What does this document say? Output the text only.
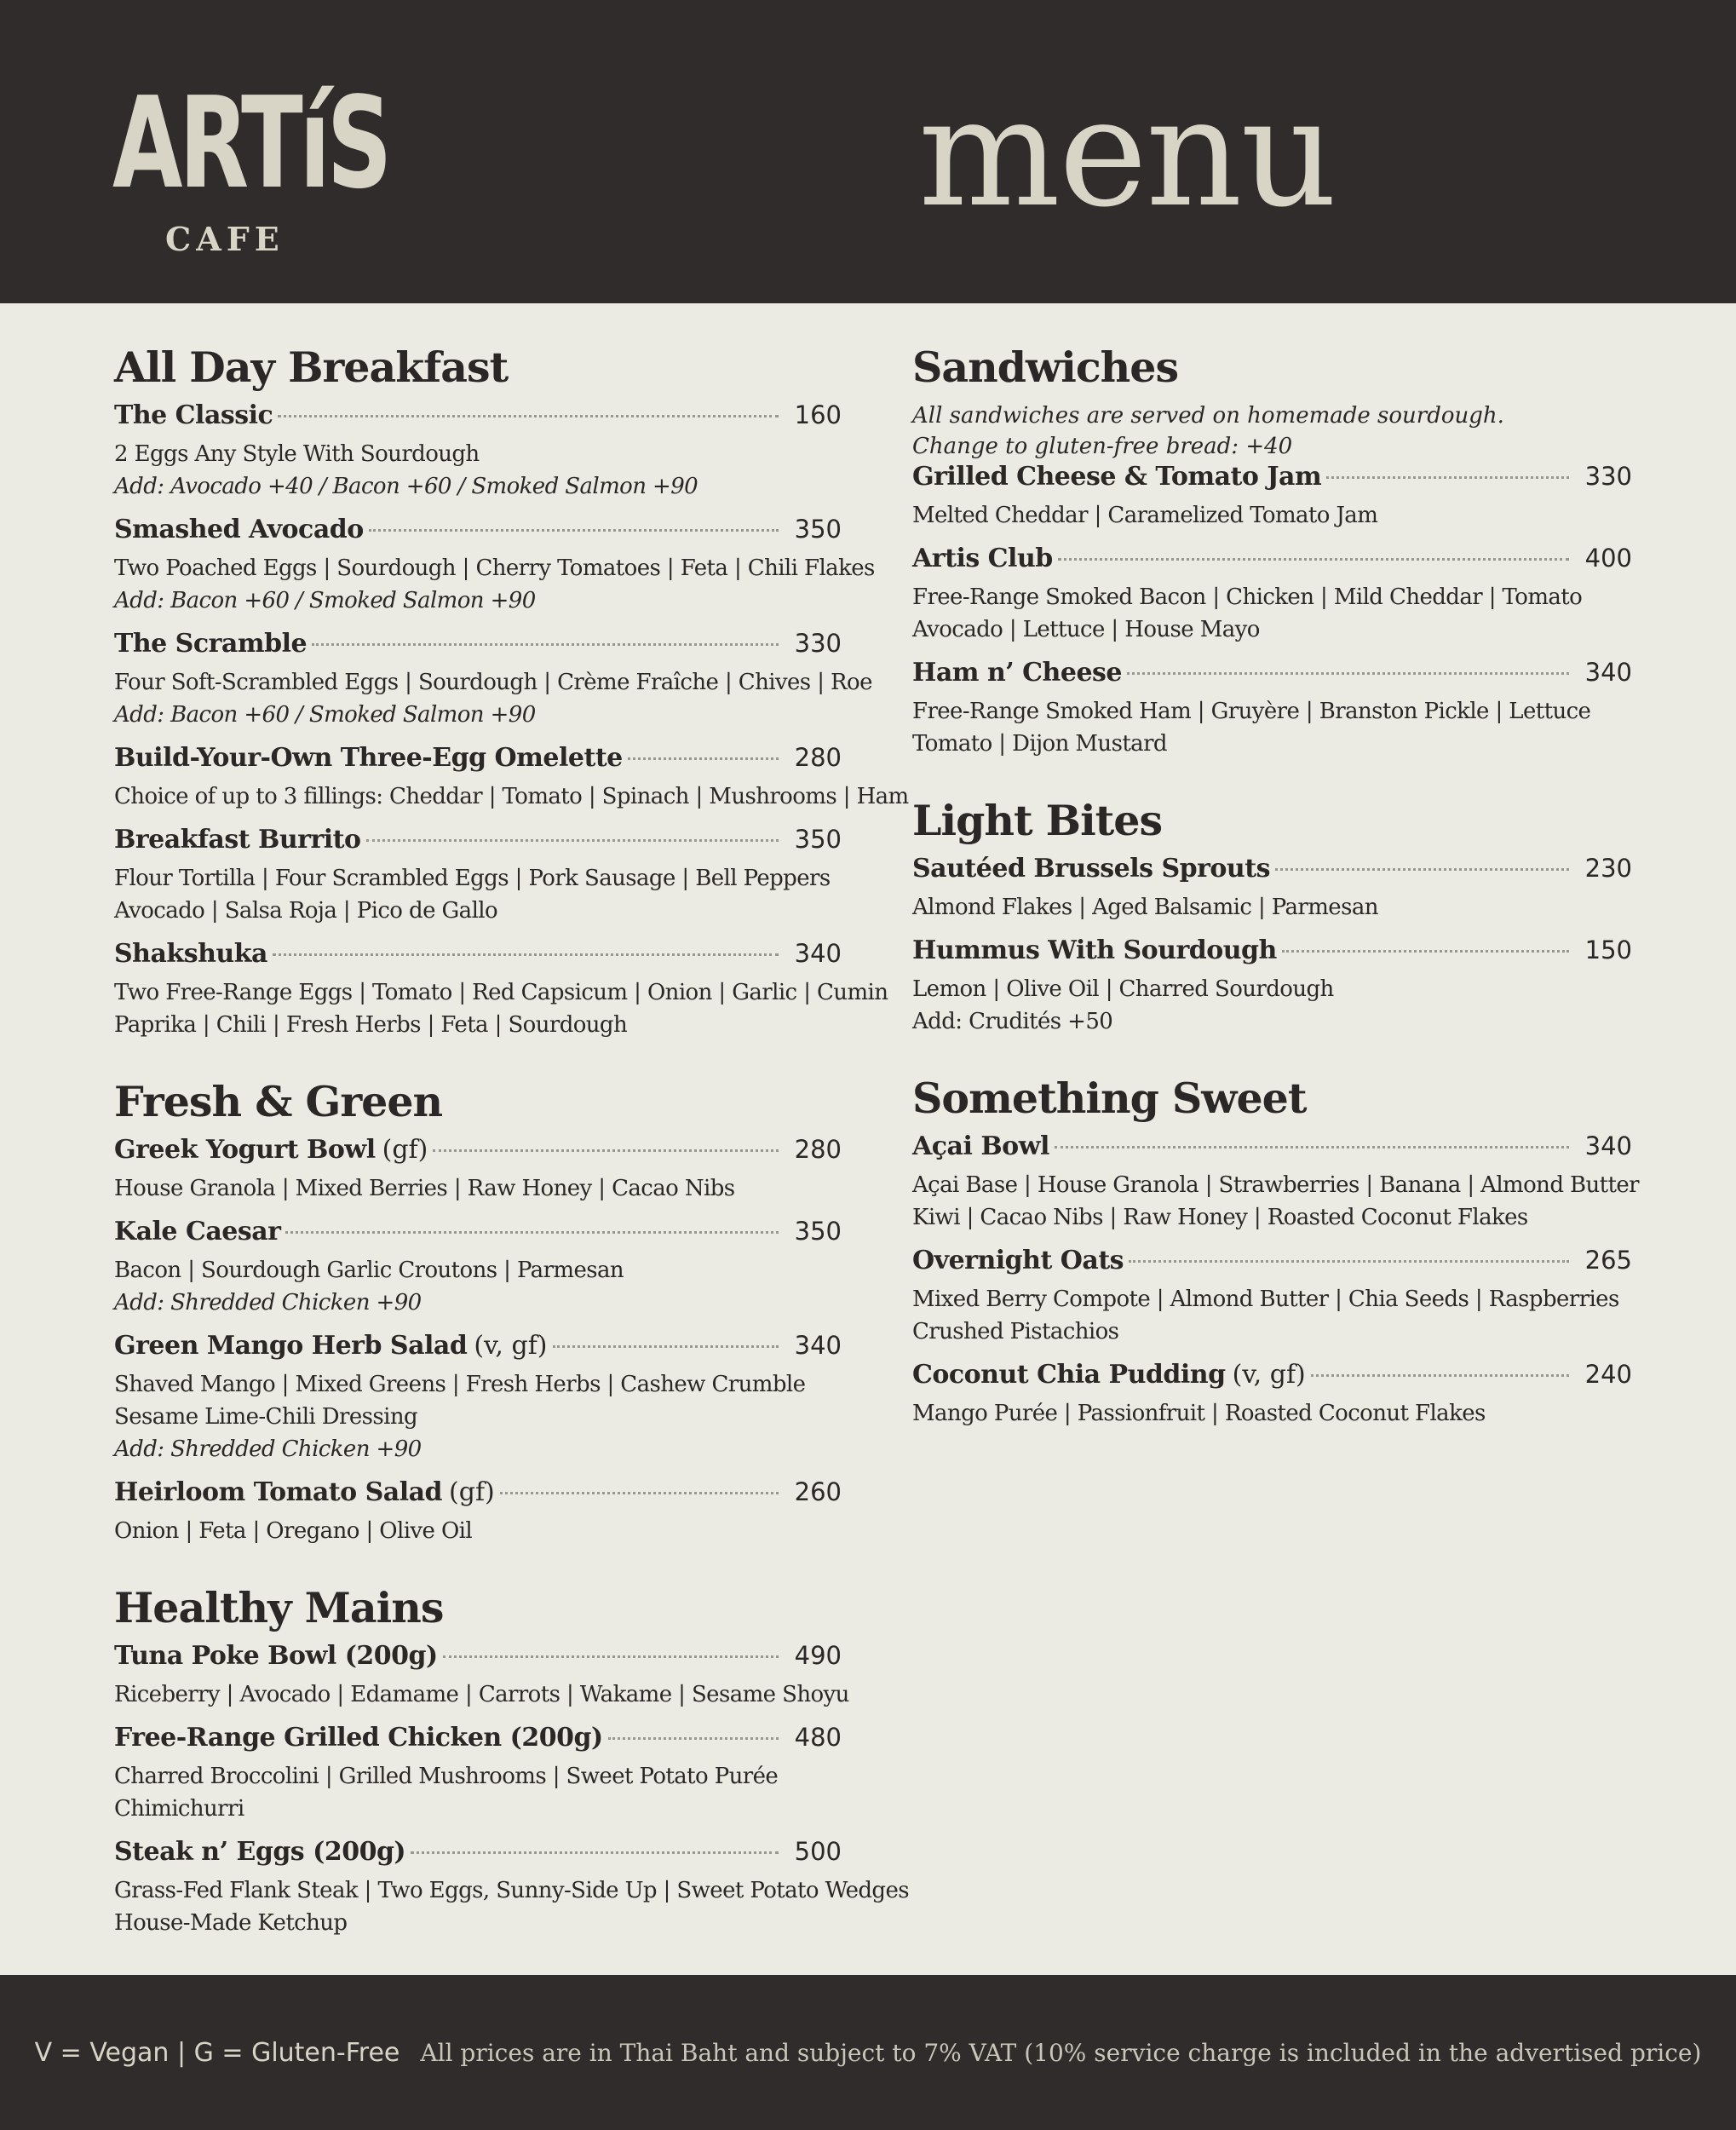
ARTíS
CAFE	menu
All Day Breakfast
The Classic	160
2 Eggs Any Style With Sourdough
Add: Avocado +40 / Bacon +60 / Smoked Salmon +90
Smashed Avocado	350
Two Poached Eggs | Sourdough | Cherry Tomatoes | Feta | Chili Flakes
Add: Bacon +60 / Smoked Salmon +90
The Scramble	330
Four Soft-Scrambled Eggs | Sourdough | Crème Fraîche | Chives | Roe
Add: Bacon +60 / Smoked Salmon +90
Build-Your-Own Three-Egg Omelette	280
Choice of up to 3 fillings: Cheddar | Tomato | Spinach | Mushrooms | Ham
Breakfast Burrito	350
Flour Tortilla | Four Scrambled Eggs | Pork Sausage | Bell Peppers
Avocado | Salsa Roja | Pico de Gallo
Shakshuka	340
Two Free-Range Eggs | Tomato | Red Capsicum | Onion | Garlic | Cumin
Paprika | Chili | Fresh Herbs | Feta | Sourdough
Fresh & Green
Greek Yogurt Bowl (gf)	280
House Granola | Mixed Berries | Raw Honey | Cacao Nibs
Kale Caesar	350
Bacon | Sourdough Garlic Croutons | Parmesan
Add: Shredded Chicken +90
Green Mango Herb Salad (v, gf)	340
Shaved Mango | Mixed Greens | Fresh Herbs | Cashew Crumble
Sesame Lime-Chili Dressing
Add: Shredded Chicken +90
Heirloom Tomato Salad (gf)	260
Onion | Feta | Oregano | Olive Oil
Healthy Mains
Tuna Poke Bowl (200g)	490
Riceberry | Avocado | Edamame | Carrots | Wakame | Sesame Shoyu
Free-Range Grilled Chicken (200g)	480
Charred Broccolini | Grilled Mushrooms | Sweet Potato Purée
Chimichurri
Steak n’ Eggs (200g)	500
Grass-Fed Flank Steak | Two Eggs, Sunny-Side Up | Sweet Potato Wedges
House-Made Ketchup
Sandwiches
All sandwiches are served on homemade sourdough.
Change to gluten-free bread: +40
Grilled Cheese & Tomato Jam	330
Melted Cheddar | Caramelized Tomato Jam
Artis Club	400
Free-Range Smoked Bacon | Chicken | Mild Cheddar | Tomato
Avocado | Lettuce | House Mayo
Ham n’ Cheese	340
Free-Range Smoked Ham | Gruyère | Branston Pickle | Lettuce
Tomato | Dijon Mustard
Light Bites
Sautéed Brussels Sprouts	230
Almond Flakes | Aged Balsamic | Parmesan
Hummus With Sourdough	150
Lemon | Olive Oil | Charred Sourdough
Add: Crudités +50
Something Sweet
Açai Bowl	340
Açai Base | House Granola | Strawberries | Banana | Almond Butter
Kiwi | Cacao Nibs | Raw Honey | Roasted Coconut Flakes
Overnight Oats	265
Mixed Berry Compote | Almond Butter | Chia Seeds | Raspberries
Crushed Pistachios
Coconut Chia Pudding (v, gf)	240
Mango Purée | Passionfruit | Roasted Coconut Flakes
V = Vegan | G = Gluten-Free All prices are in Thai Baht and subject to 7% VAT (10% service charge is included in the advertised price)
